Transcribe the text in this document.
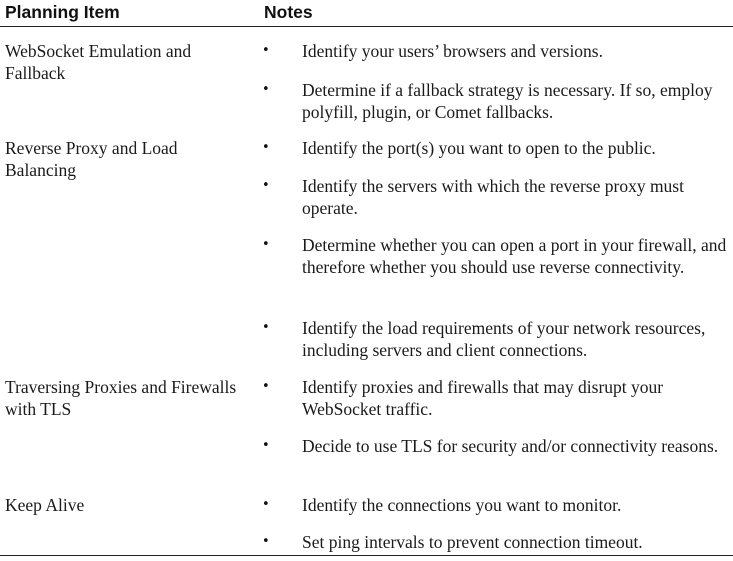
Planning Item	Notes
WebSocket Emulation and Fallback
• Identify your users’ browsers and versions.
• Determine if a fallback strategy is necessary. If so, employ polyfill, plugin, or Comet fallbacks.
Reverse Proxy and Load Balancing
• Identify the port(s) you want to open to the public.
• Identify the servers with which the reverse proxy must operate.
• Determine whether you can open a port in your firewall, and therefore whether you should use reverse connectivity.
• Identify the load requirements of your network resources, including servers and client connections.
Traversing Proxies and Firewalls with TLS
• Identify proxies and firewalls that may disrupt your WebSocket traffic.
• Decide to use TLS for security and/or connectivity reasons.
Keep Alive	• Identify the connections you want to monitor.
• Set ping intervals to prevent connection timeout.
